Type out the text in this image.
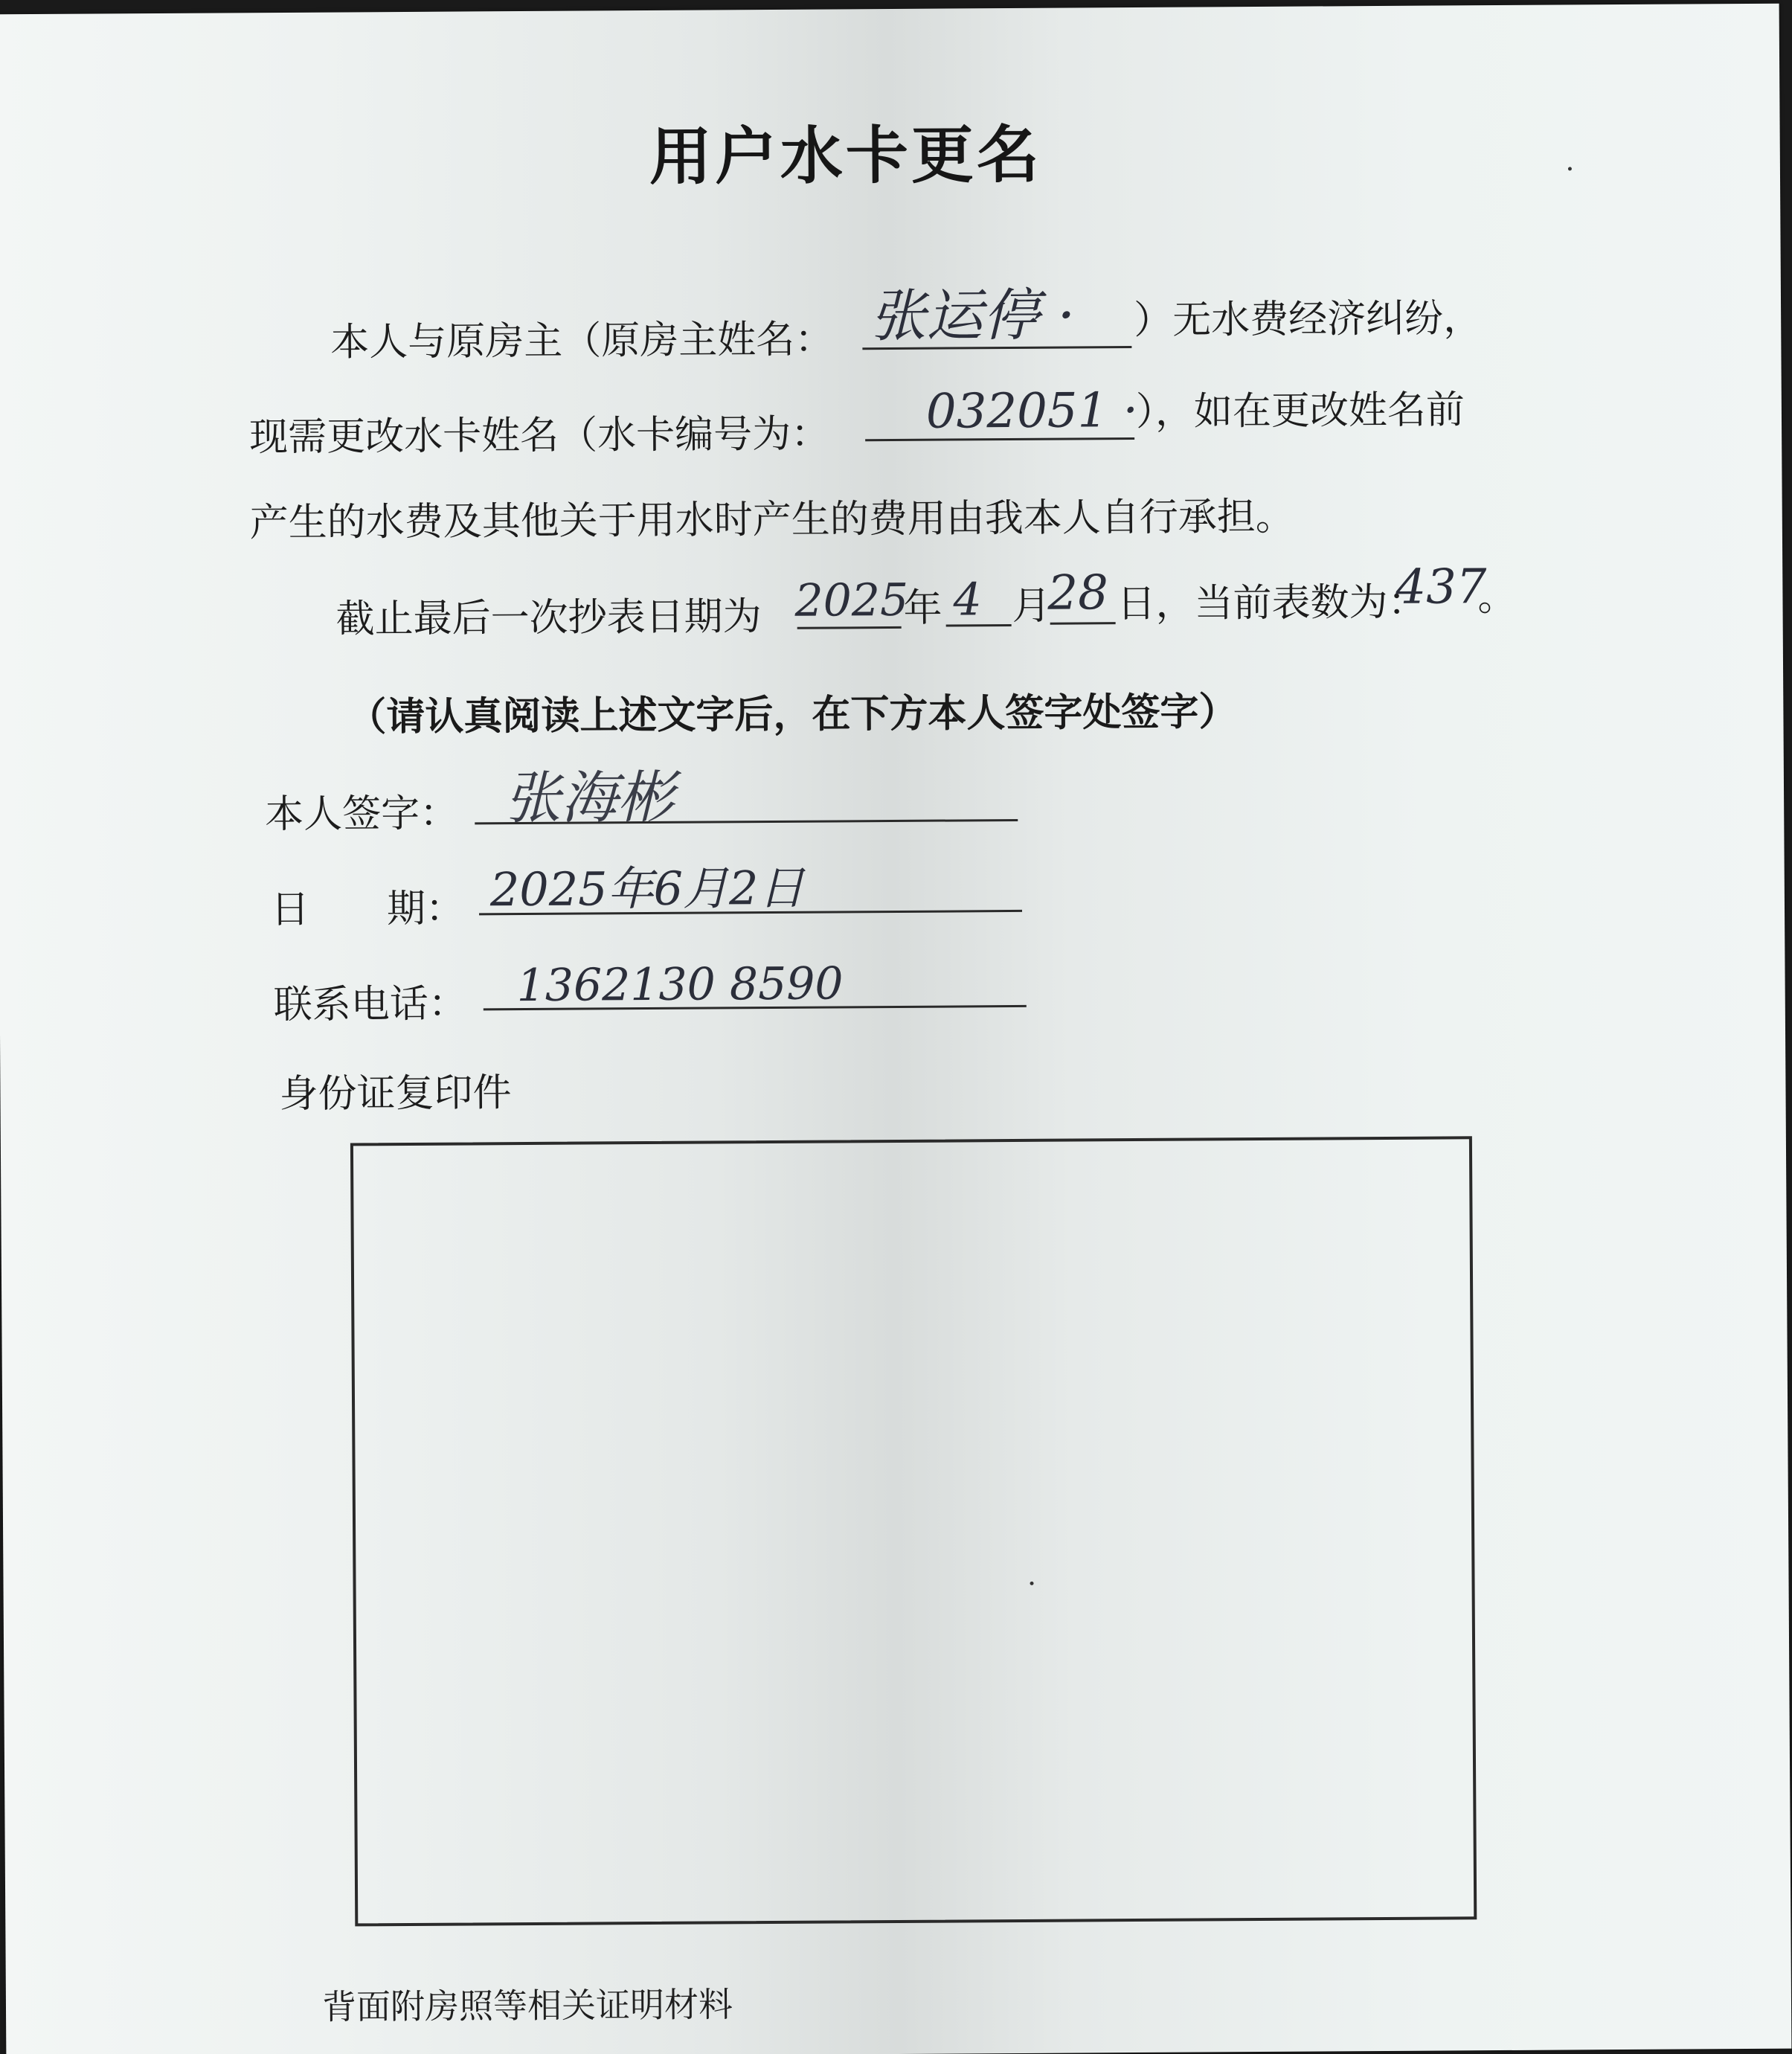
用户水卡更名
本人与原房主（原房主姓名： 张运停 · ）无水费经济纠纷，
现需更改水卡姓名（水卡编号为： 032051 ·
），如在更改姓名前
产生的水费及其他关于用水时产生的费用由我本人自行承担。
截止最后一次抄表日期为 2025
年 4 月
28 日，当前表数为：
437
。
（请认真阅读上述文字后，在下方本人签字处签字）
本人签字： 张海彬
日　　期： 2025年6月2日
联系电话： 1362130 8590
身份证复印件
背面附房照等相关证明材料
